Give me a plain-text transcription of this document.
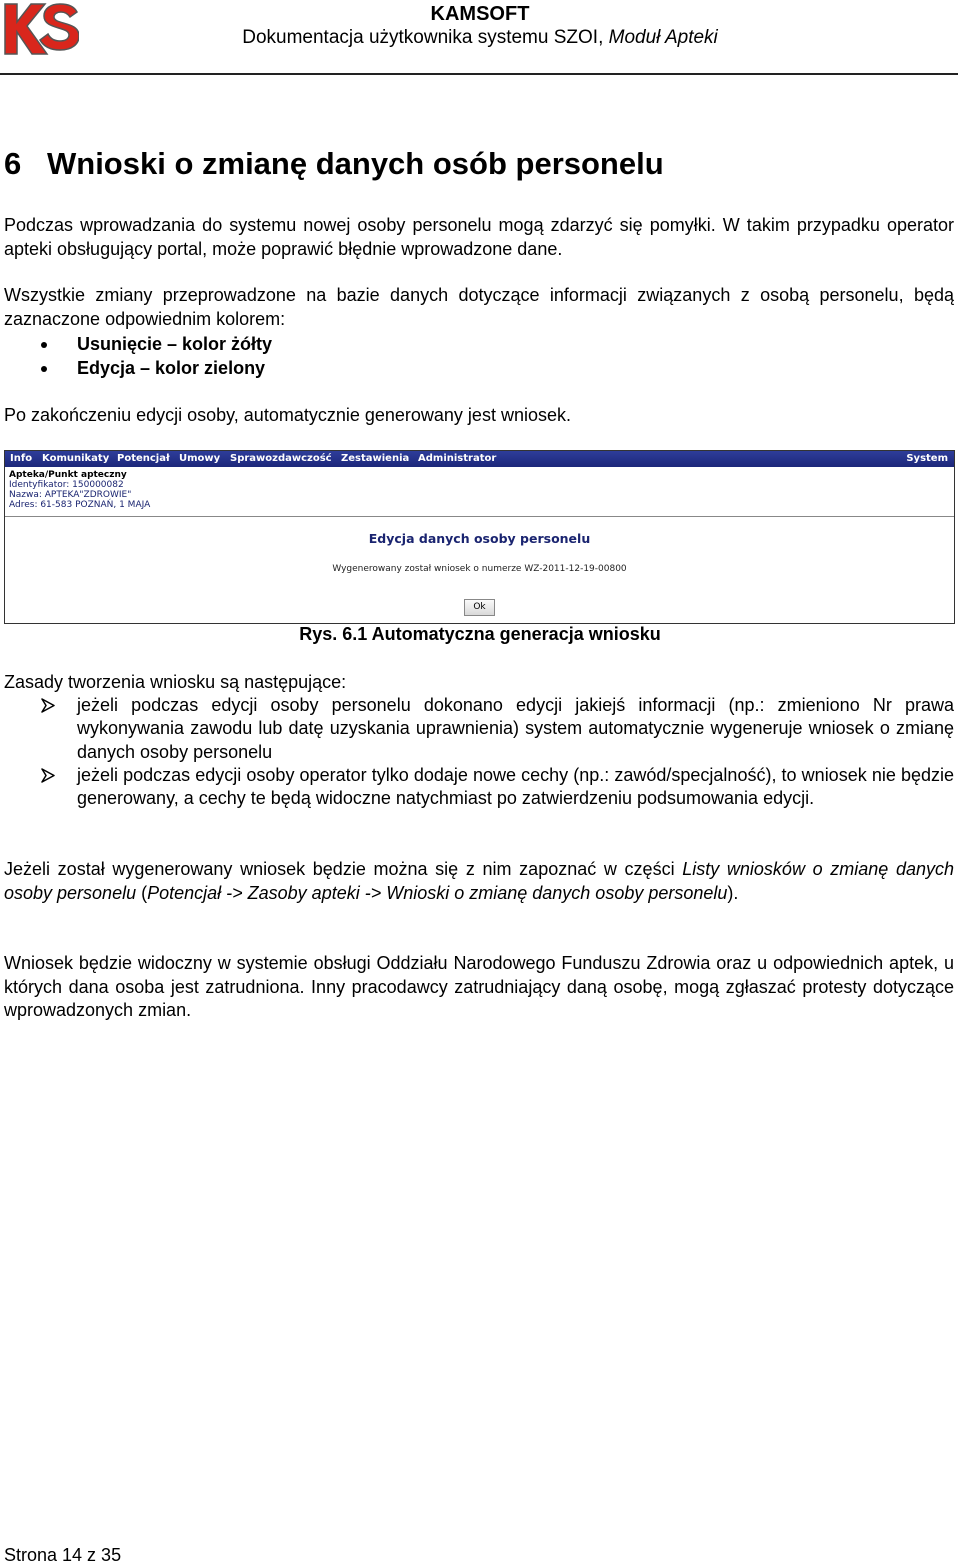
KAMSOFT
Dokumentacja użytkownika systemu SZOI, Moduł Apteki
6 Wnioski o zmianę danych osób personelu
Podczas wprowadzania do systemu nowej osoby personelu mogą zdarzyć się pomyłki. W takim przypadku operator apteki obsługujący portal, może poprawić błędnie wprowadzone dane.
Wszystkie zmiany przeprowadzone na bazie danych dotyczące informacji związanych z osobą personelu, będą zaznaczone odpowiednim kolorem:
Usunięcie – kolor żółty
Edycja – kolor zielony
Po zakończeniu edycji osoby, automatycznie generowany jest wniosek.
Zasady tworzenia wniosku są następujące:
jeżeli podczas edycji osoby personelu dokonano edycji jakiejś informacji (np.: zmieniono Nr prawa wykonywania zawodu lub datę uzyskania uprawnienia) system automatycznie wygeneruje wniosek o zmianę danych osoby personelu
jeżeli podczas edycji osoby operator tylko dodaje nowe cechy (np.: zawód/specjalność), to wniosek nie będzie generowany, a cechy te będą widoczne natychmiast po zatwierdzeniu podsumowania edycji.
Jeżeli został wygenerowany wniosek będzie można się z nim zapoznać w części Listy wniosków o zmianę danych osoby personelu (Potencjał -> Zasoby apteki -> Wnioski o zmianę danych osoby personelu).
Wniosek będzie widoczny w systemie obsługi Oddziału Narodowego Funduszu Zdrowia oraz u odpowiednich aptek, u których dana osoba jest zatrudniona. Inny pracodawcy zatrudniający daną osobę, mogą zgłaszać protesty dotyczące wprowadzonych zmian.
Info Komunikaty Potencjał Umowy Sprawozdawczość Zestawienia Administrator	System
Apteka/Punkt apteczny
Identyfikator: 150000082
Nazwa: APTEKA"ZDROWIE"
Adres: 61-583 POZNAŃ, 1 MAJA
Edycja danych osoby personelu
Wygenerowany został wniosek o numerze WZ-2011-12-19-00800
Ok
Rys. 6.1 Automatyczna generacja wniosku
Strona 14 z 35
